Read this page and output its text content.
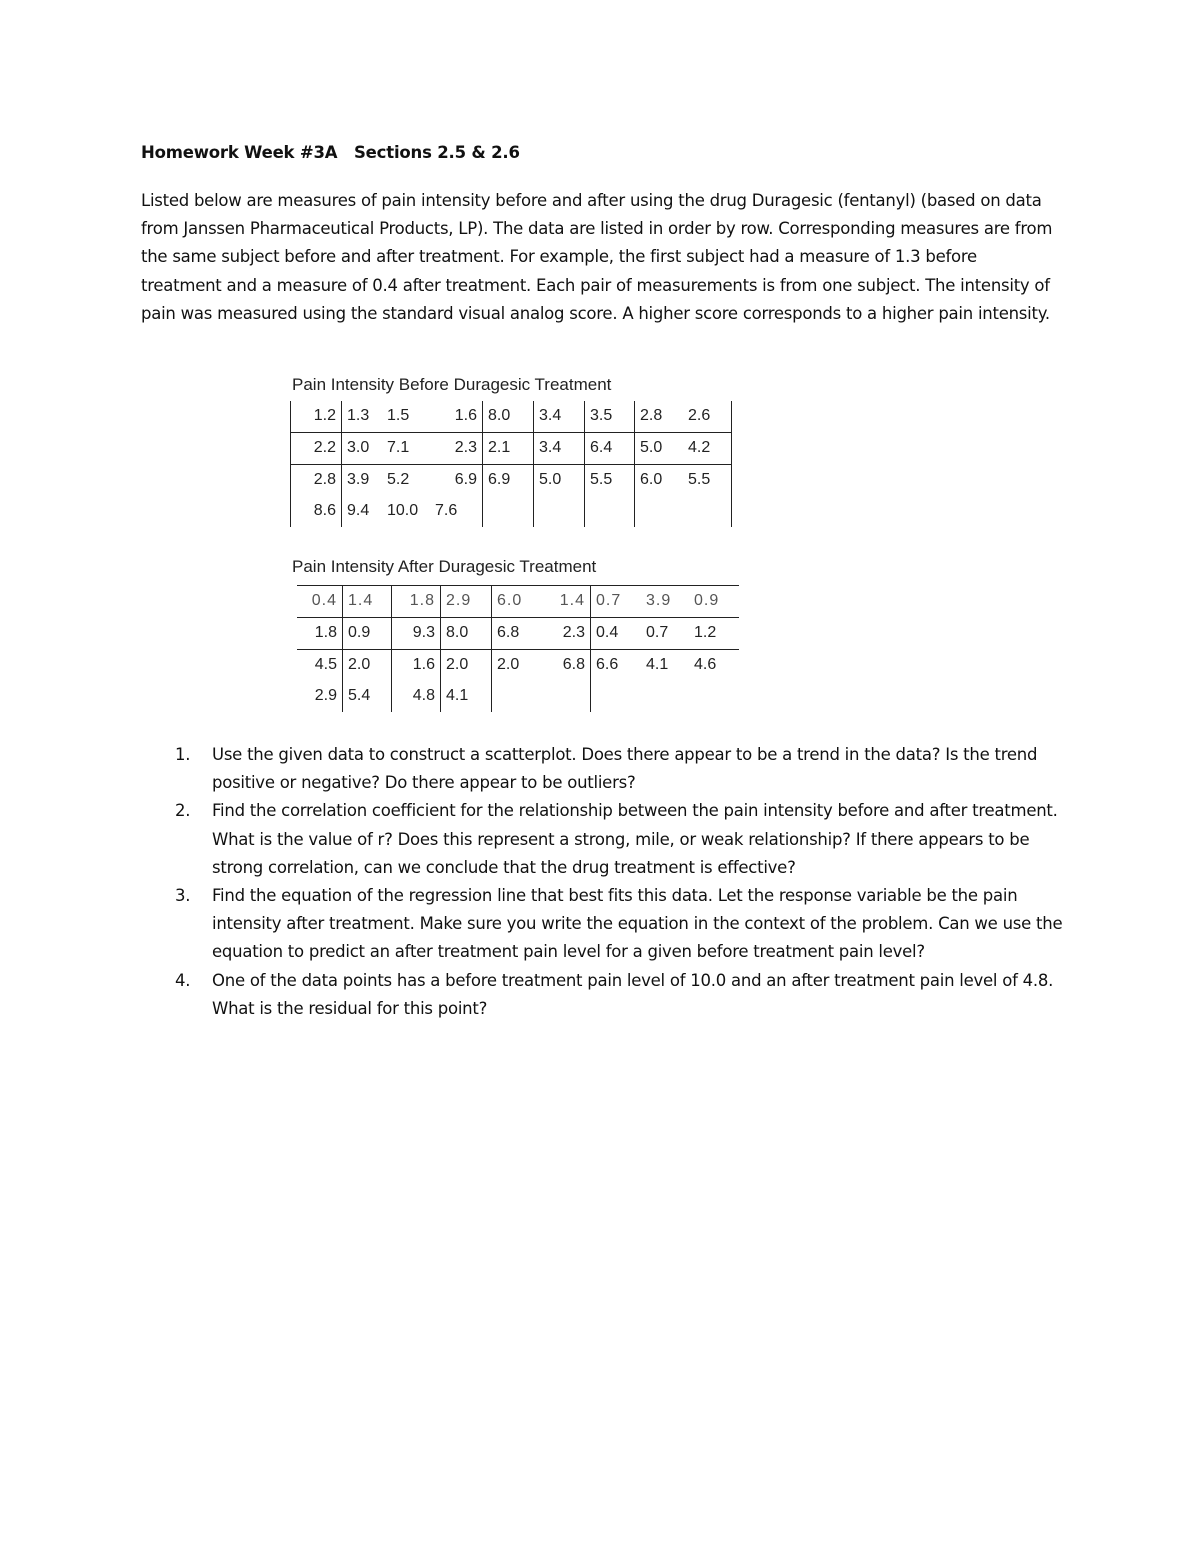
Homework Week #3A Sections 2.5 & 2.6

Listed below are measures of pain intensity before and after using the drug Duragesic (fentanyl) (based on data from Janssen Pharmaceutical Products, LP). The data are listed in order by row. Corresponding measures are from the same subject before and after treatment. For example, the first subject had a measure of 1.3 before treatment and a measure of 0.4 after treatment. Each pair of measurements is from one subject. The intensity of pain was measured using the standard visual analog score. A higher score corresponds to a higher pain intensity.

Pain Intensity Before Duragesic Treatment
1.2	1.3	1.5	1.6	8.0	3.4	3.5	2.8	2.6
2.2	3.0	7.1	2.3	2.1	3.4	6.4	5.0	4.2
2.8	3.9	5.2	6.9	6.9	5.0	5.5	6.0	5.5
8.6	9.4	10.0	7.6					
Pain Intensity After Duragesic Treatment
0.4	1.4	1.8	2.9	6.0	1.4	0.7	3.9	0.9
1.8	0.9	9.3	8.0	6.8	2.3	0.4	0.7	1.2
4.5	2.0	1.6	2.0	2.0	6.8	6.6	4.1	4.6
2.9	5.4	4.8	4.1					
1. Use the given data to construct a scatterplot. Does there appear to be a trend in the data? Is the trend positive or negative? Do there appear to be outliers?
2. Find the correlation coefficient for the relationship between the pain intensity before and after treatment. What is the value of r? Does this represent a strong, mile, or weak relationship? If there appears to be strong correlation, can we conclude that the drug treatment is effective?
3. Find the equation of the regression line that best fits this data. Let the response variable be the pain intensity after treatment. Make sure you write the equation in the context of the problem. Can we use the equation to predict an after treatment pain level for a given before treatment pain level?
4. One of the data points has a before treatment pain level of 10.0 and an after treatment pain level of 4.8. What is the residual for this point?
